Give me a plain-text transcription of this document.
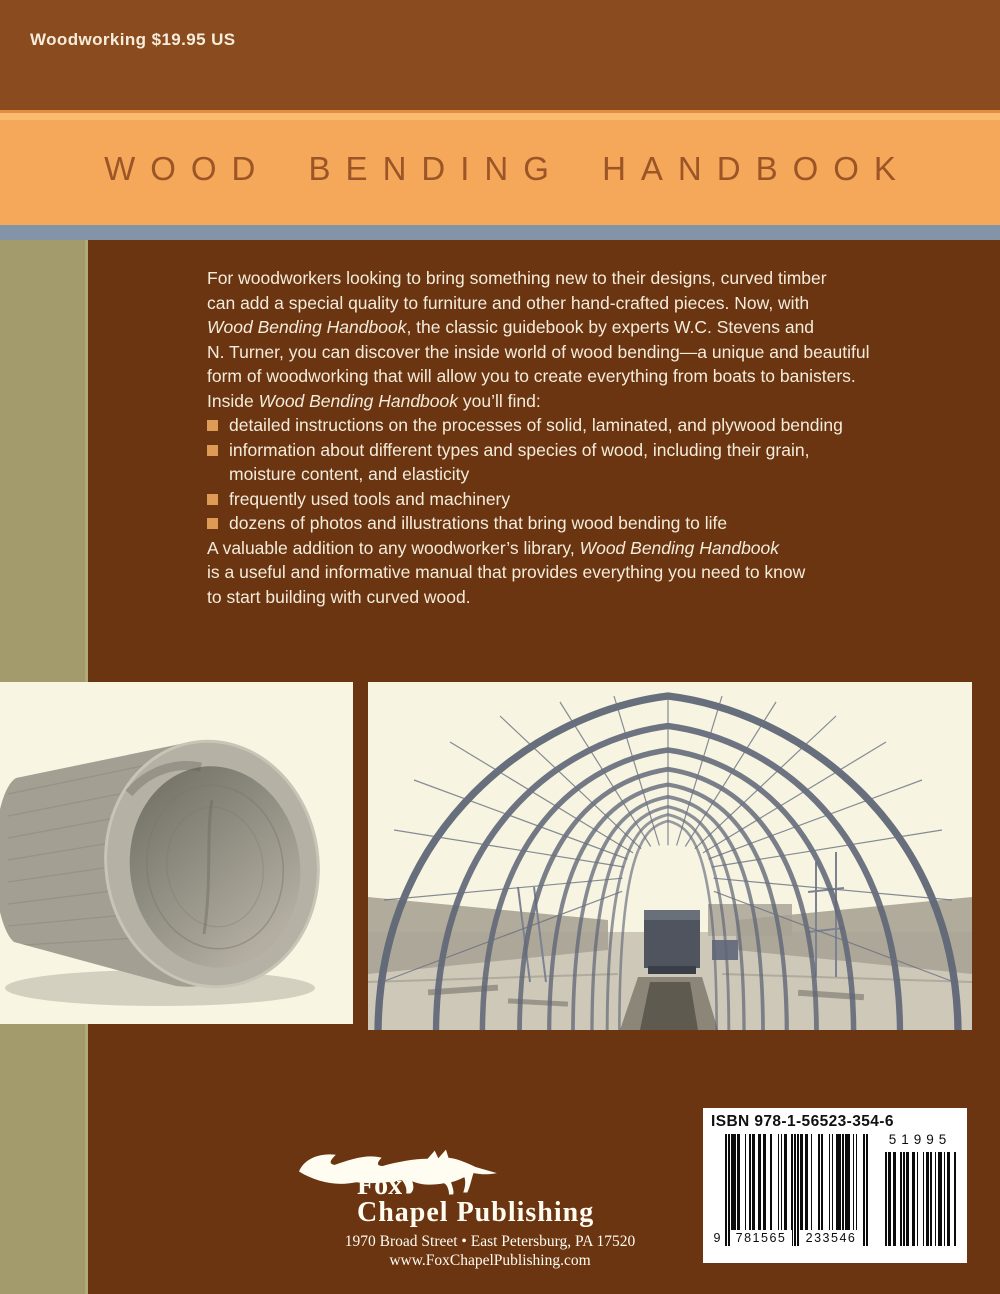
Woodworking $19.95 US
WOOD BENDING HANDBOOK

For woodworkers looking to bring something new to their designs, curved timber
can add a special quality to furniture and other hand-crafted pieces. Now, with
Wood Bending Handbook, the classic guidebook by experts W.C. Stevens and
N. Turner, you can discover the inside world of wood bending—a unique and beautiful
form of woodworking that will allow you to create everything from boats to banisters.

Inside Wood Bending Handbook you’ll find:

detailed instructions on the processes of solid, laminated, and plywood bending
information about different types and species of wood, including their grain,
moisture content, and elasticity
frequently used tools and machinery
dozens of photos and illustrations that bring wood bending to life

A valuable addition to any woodworker’s library, Wood Bending Handbook
is a useful and informative manual that provides everything you need to know
to start building with curved wood.

Fox
Chapel Publishing
1970 Broad Street • East Petersburg, PA 17520
www.FoxChapelPublishing.com
ISBN 978-1-56523-354-6
9	781565	233546
51995
